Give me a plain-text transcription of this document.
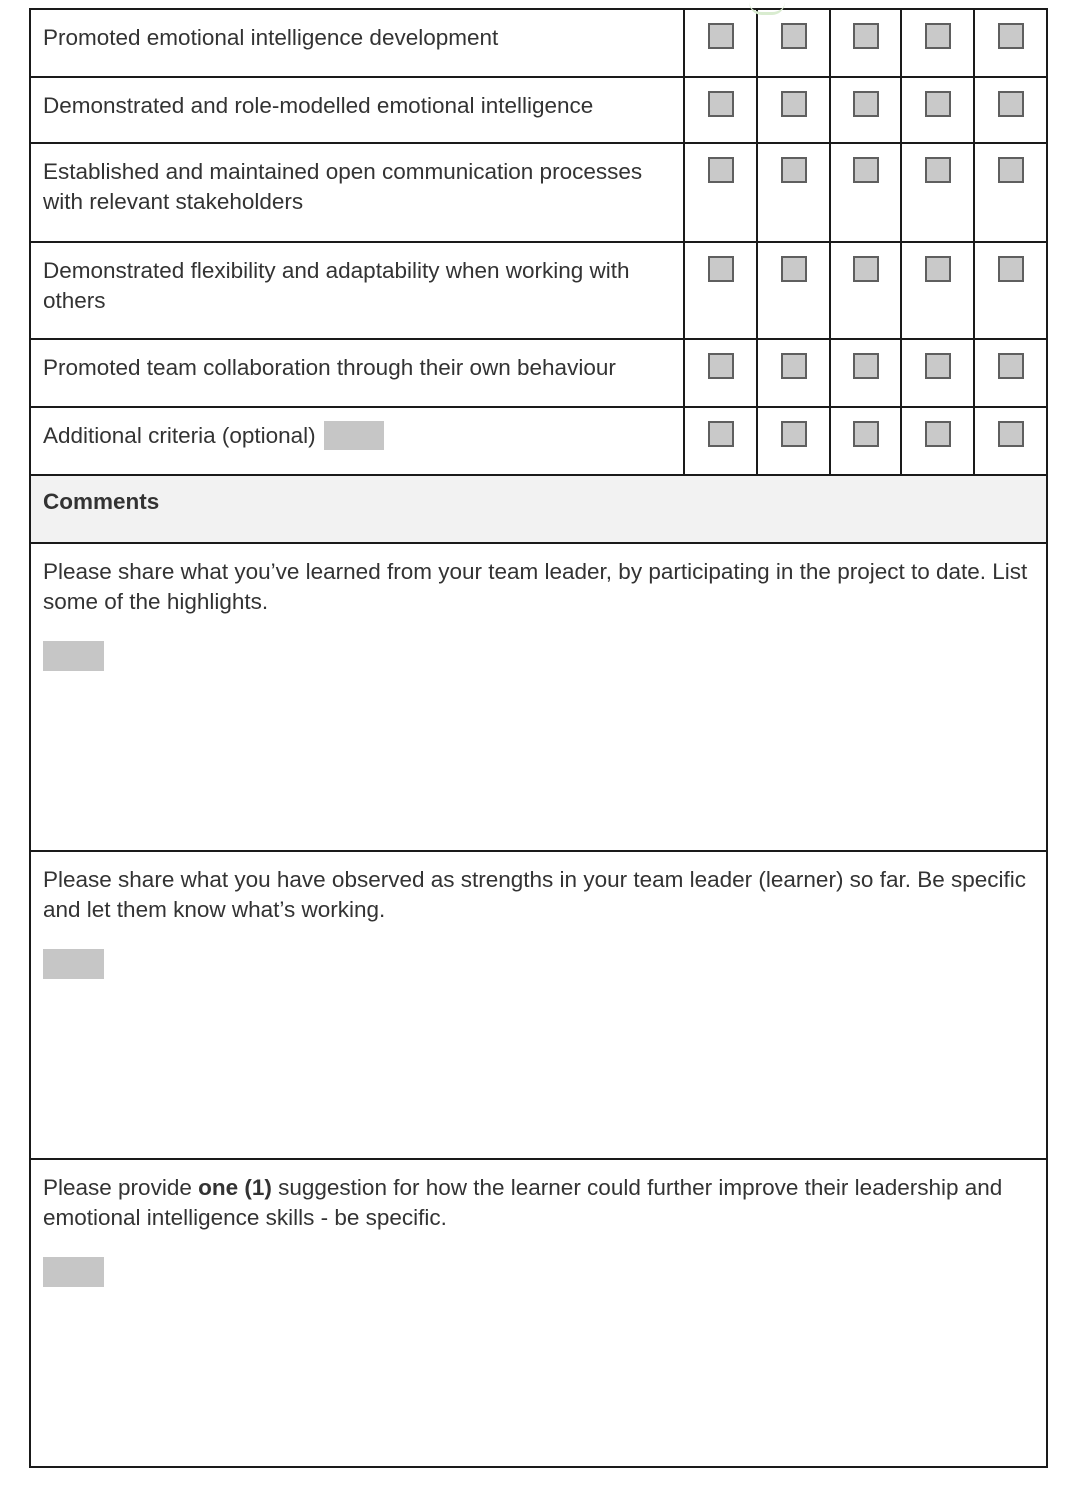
Promoted emotional intelligence development					
Demonstrated and role-modelled emotional intelligence					
Established and maintained open communication processes with relevant stakeholders					
Demonstrated flexibility and adaptability when working with others					
Promoted team collaboration through their own behaviour					
Additional criteria (optional)					
Comments					

Please share what you’ve learned from your team leader, by participating in the project to date. List some of the highlights.					

Please share what you have observed as strengths in your team leader (learner) so far. Be specific and let them know what’s working.					

Please provide one (1) suggestion for how the learner could further improve their leadership and emotional intelligence skills - be specific.					
